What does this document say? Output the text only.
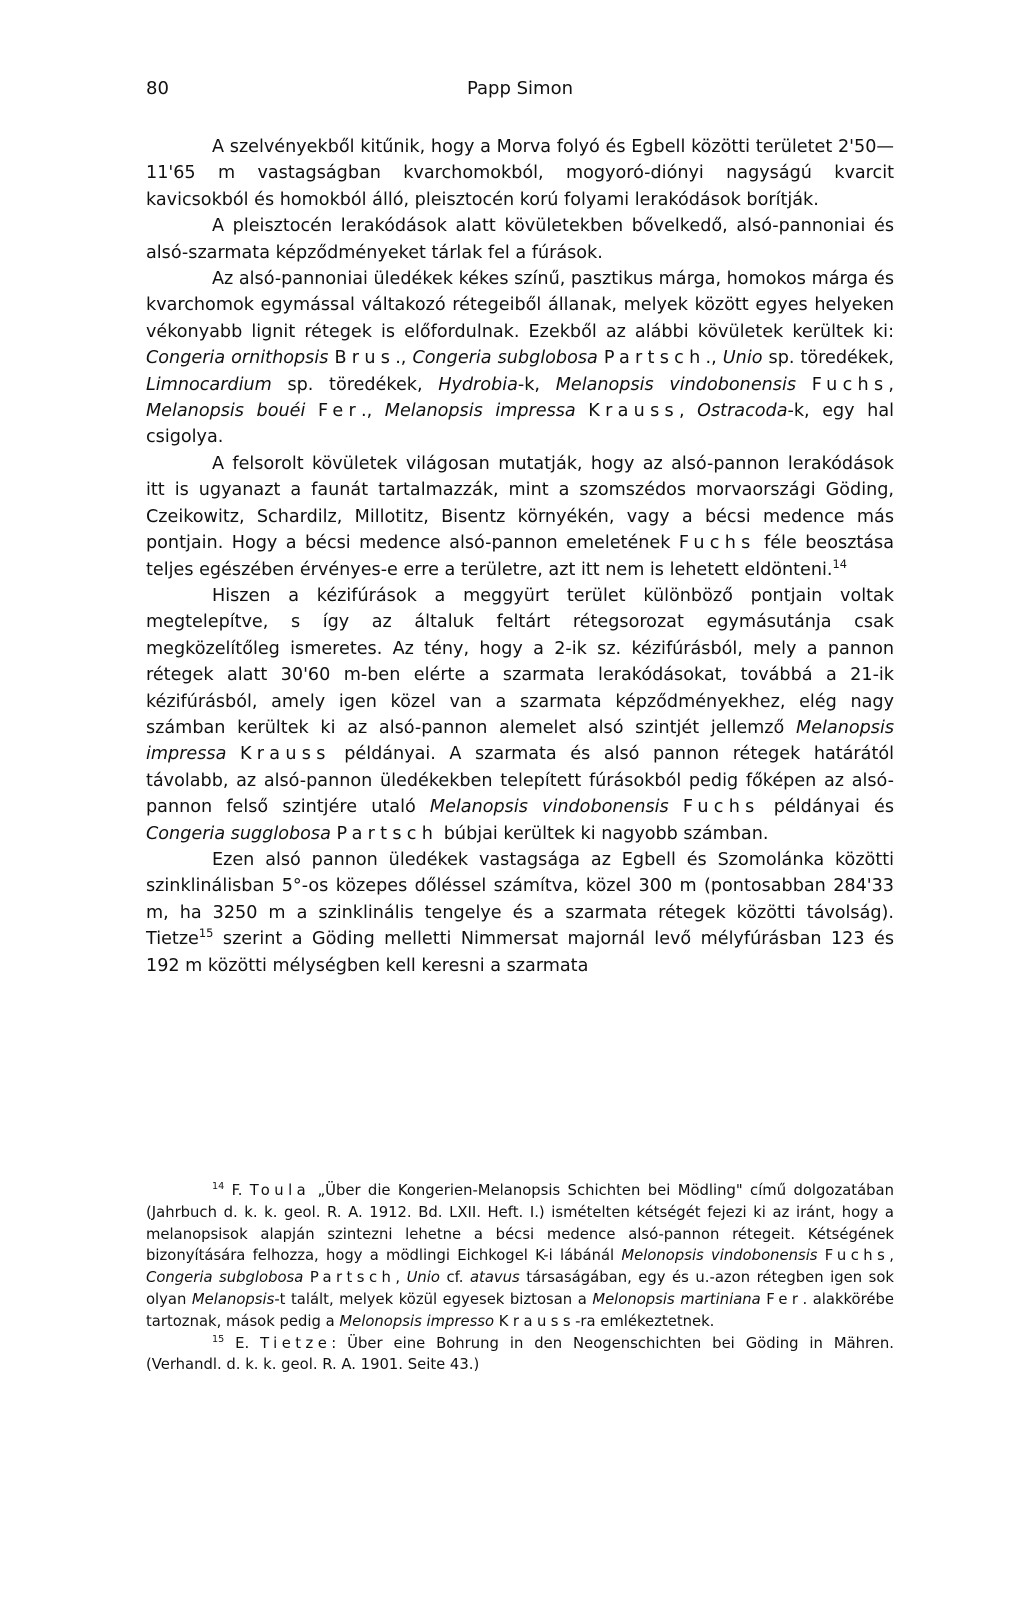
80	Papp Simon

A szelvényekből kitűnik, hogy a Morva folyó és Egbell közötti területet 2'50—11'65 m vastagságban kvarchomokból, mogyoró-diónyi nagyságú kvarcit kavicsokból és homokból álló, pleisztocén korú folyami lerakódások borítják.

A pleisztocén lerakódások alatt kövületekben bővelkedő, alsó-pannoniai és alsó-szarmata képződményeket tárlak fel a fúrások.

Az alsó-pannoniai üledékek kékes színű, pasztikus márga, homokos márga és kvarchomok egymással váltakozó rétegeiből állanak, melyek között egyes helyeken vékonyabb lignit rétegek is előfordulnak. Ezekből az alábbi kövületek kerültek ki: Congeria ornithopsis Brus., Congeria subglobosa Partsch., Unio sp. töredékek, Limnocardium sp. töredékek, Hydrobia-k, Melanopsis vindobonensis Fuchs, Melanopsis bouéi Fer., Melanopsis impressa Krauss, Ostracoda-k, egy hal csigolya.

A felsorolt kövületek világosan mutatják, hogy az alsó-pannon lerakódások itt is ugyanazt a faunát tartalmazzák, mint a szomszédos morvaországi Göding, Czeikowitz, Schardilz, Millotitz, Bisentz környékén, vagy a bécsi medence más pontjain. Hogy a bécsi medence alsó-pannon emeletének Fuchs féle beosztása teljes egészében érvényes-e erre a területre, azt itt nem is lehetett eldönteni.$^{14}$

Hiszen a kézifúrások a meggyürt terület különböző pontjain voltak megtelepítve, s így az általuk feltárt rétegsorozat egymásutánja csak megközelítőleg ismeretes. Az tény, hogy a 2-ik sz. kézifúrásból, mely a pannon rétegek alatt 30'60 m-ben elérte a szarmata lerakódásokat, továbbá a 21-ik kézifúrásból, amely igen közel van a szarmata képződményekhez, elég nagy számban kerültek ki az alsó-pannon alemelet alsó szintjét jellemző Melanopsis impressa Krauss példányai. A szarmata és alsó pannon rétegek határától távolabb, az alsó-pannon üledékekben telepített fúrásokból pedig főképen az alsó-pannon felső szintjére utaló Melanopsis vindobonensis Fuchs példányai és Congeria sugglobosa Partsch búbjai kerültek ki nagyobb számban.

Ezen alsó pannon üledékek vastagsága az Egbell és Szomolánka közötti szinklinálisban 5°-os közepes dőléssel számítva, közel 300 m (pontosabban 284'33 m, ha 3250 m a szinklinális tengelye és a szarmata rétegek közötti távolság). Tietze$^{15}$ szerint a Göding melletti Nimmersat majornál levő mélyfúrásban 123 és 192 m közötti mélységben kell keresni a szarmata

$^{14}$ F. Toula „Über die Kongerien-Melanopsis Schichten bei Mödling" című dolgozatában (Jahrbuch d. k. k. geol. R. A. 1912. Bd. LXII. Heft. I.) ismételten kétségét fejezi ki az iránt, hogy a melanopsisok alapján szintezni lehetne a bécsi medence alsó-pannon rétegeit. Kétségének bizonyítására felhozza, hogy a mödlingi Eichkogel K-i lábánál Melonopsis vindobonensis Fuchs, Congeria subglobosa Partsch, Unio cf. atavus társaságában, egy és u.-azon rétegben igen sok olyan Melanopsis-t talált, melyek közül egyesek biztosan a Melonopsis martiniana Fer. alakkörébe tartoznak, mások pedig a Melonopsis impresso Krauss-ra emlékeztetnek.

$^{15}$ E. Tietze: Über eine Bohrung in den Neogenschichten bei Göding in Mähren. (Verhandl. d. k. k. geol. R. A. 1901. Seite 43.)
